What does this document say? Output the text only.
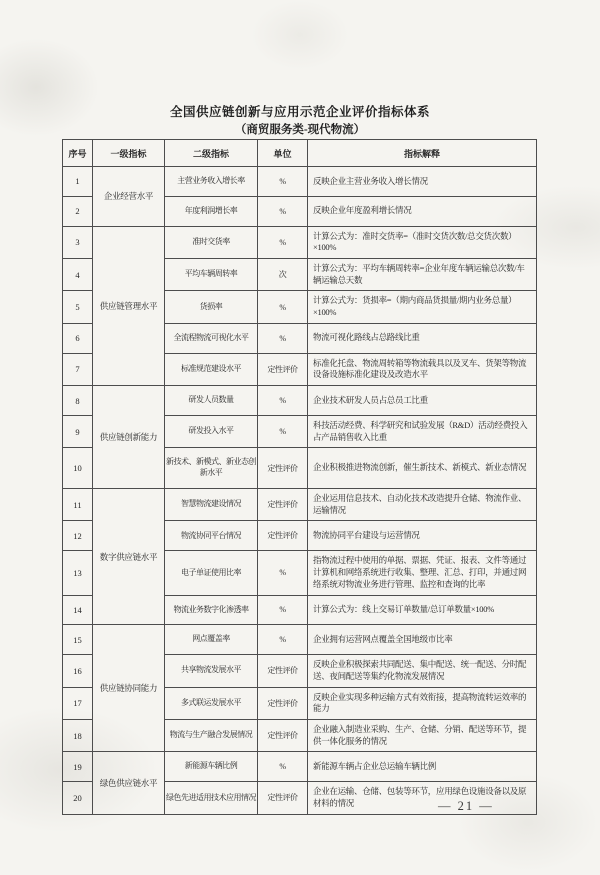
全国供应链创新与应用示范企业评价指标体系
（商贸服务类-现代物流）
序号	一级指标	二级指标	单位	指标解释
1	企业经营水平	主营业务收入增长率	%	反映企业主营业务收入增长情况
2		年度利润增长率	%	反映企业年度盈利增长情况
3	供应链管理水平	准时交货率	%	计算公式为：准时交货率=（准时交货次数/总交货次数）×100%
4		平均车辆周转率	次	计算公式为：平均车辆周转率=企业年度车辆运输总次数/车辆运输总天数
5		货损率	%	计算公式为：货损率=（期内商品货损量/期内业务总量）×100%
6		全流程物流可视化水平	%	物流可视化路线占总路线比重
7		标准规范建设水平	定性评价	标准化托盘、物流周转箱等物流载具以及叉车、货架等物流设备设施标准化建设及改造水平
8	供应链创新能力	研发人员数量	%	企业技术研发人员占总员工比重
9		研发投入水平	%	科技活动经费、科学研究和试验发展（R&D）活动经费投入占产品销售收入比重
10		新技术、新模式、新业态创新水平	定性评价	企业积极推进物流创新，催生新技术、新模式、新业态情况
11	数字供应链水平	智慧物流建设情况	定性评价	企业运用信息技术、自动化技术改造提升仓储、物流作业、运输情况
12		物流协同平台情况	定性评价	物流协同平台建设与运营情况
13		电子单证使用比率	%	指物流过程中使用的单据、票据、凭证、报表、文件等通过计算机和网络系统进行收集、整理、汇总、打印，并通过网络系统对物流业务进行管理、监控和查询的比率
14		物流业务数字化渗透率	%	计算公式为：线上交易订单数量/总订单数量×100%
15	供应链协同能力	网点覆盖率	%	企业拥有运营网点覆盖全国地级市比率
16		共享物流发展水平	定性评价	反映企业积极探索共同配送、集中配送、统一配送、分时配送、夜间配送等集约化物流发展情况
17		多式联运发展水平	定性评价	反映企业实现多种运输方式有效衔接，提高物流转运效率的能力
18		物流与生产融合发展情况	定性评价	企业融入制造业采购、生产、仓储、分销、配送等环节，提供一体化服务的情况
19	绿色供应链水平	新能源车辆比例	%	新能源车辆占企业总运输车辆比例
20		绿色先进适用技术应用情况	定性评价	企业在运输、仓储、包装等环节，应用绿色设施设备以及原材料的情况	— 21 —
